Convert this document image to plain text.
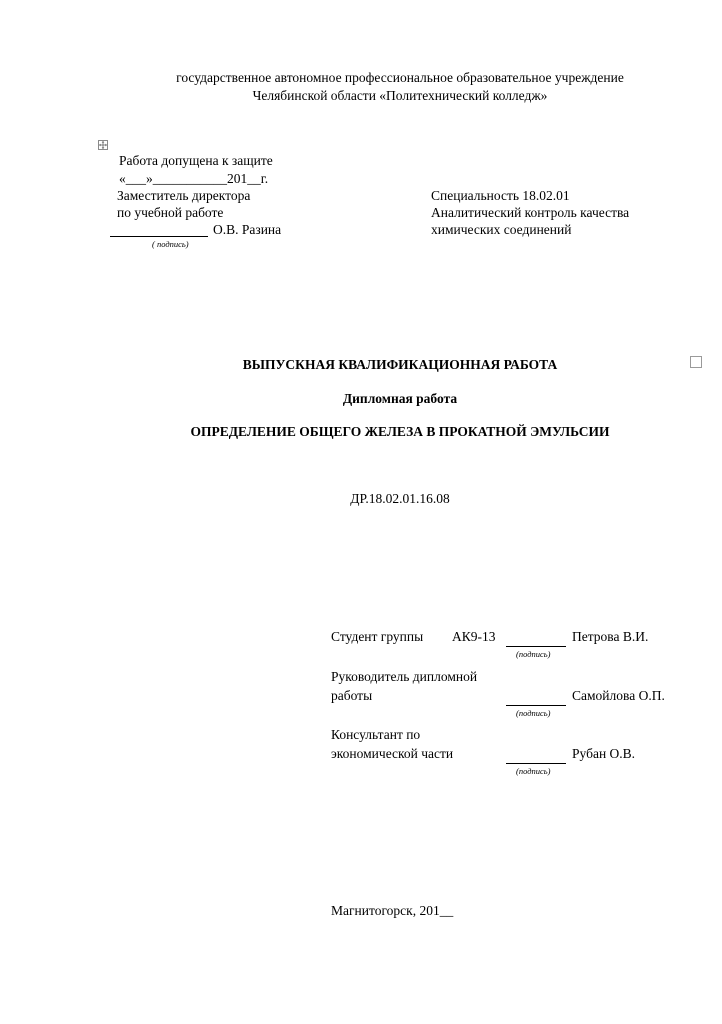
государственное автономное профессиональное образовательное учреждение
Челябинской области «Политехнический колледж»
Работа допущена к защите
«___»___________201__г.
Заместитель директора
по учебной работе
О.В. Разина
( подпись)
Специальность 18.02.01
Аналитический контроль качества
химических соединений
ВЫПУСКНАЯ КВАЛИФИКАЦИОННАЯ РАБОТА
Дипломная работа
ОПРЕДЕЛЕНИЕ ОБЩЕГО ЖЕЛЕЗА В ПРОКАТНОЙ ЭМУЛЬСИИ
ДР.18.02.01.16.08
Студент группы АК9-13
(подпись)
Петрова В.И.
Руководитель дипломной
работы
(подпись)
Самойлова О.П.
Консультант по
экономической части
(подпись)
Рубан О.В.
Магнитогорск, 201__
